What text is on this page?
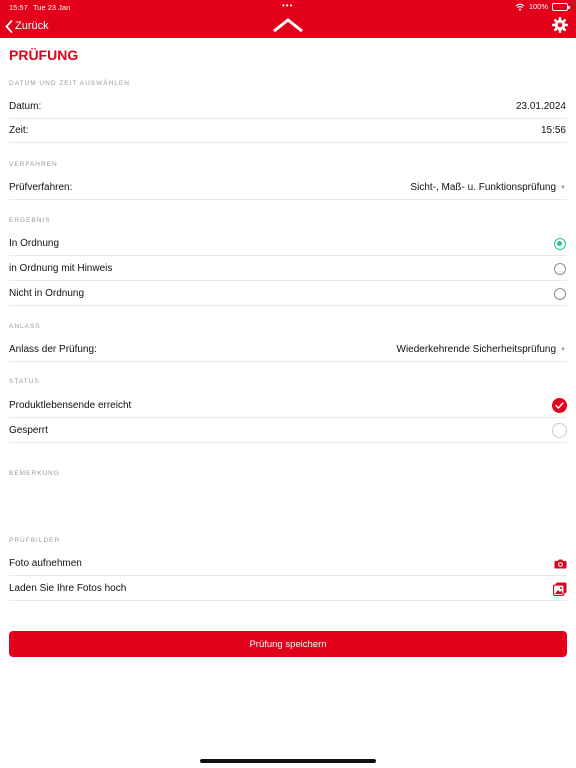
15:57 Tue 23 Jan	•••	100%
Zurück
PRÜFUNG
DATUM UND ZEIT AUSWÄHLEN
Datum:	23.01.2024
Zeit:	15:56
VERFAHREN
Prüfverfahren:	Sicht-, Maß- u. Funktionsprüfung ▼
ERGEBNIS
In Ordnung
in Ordnung mit Hinweis
Nicht in Ordnung
ANLASS
Anlass der Prüfung:	Wiederkehrende Sicherheitsprüfung ▼
STATUS
Produktlebensende erreicht
Gesperrt
BEMERKUNG
PRÜFBILDER
Foto aufnehmen
Laden Sie Ihre Fotos hoch
Prüfung speichern
